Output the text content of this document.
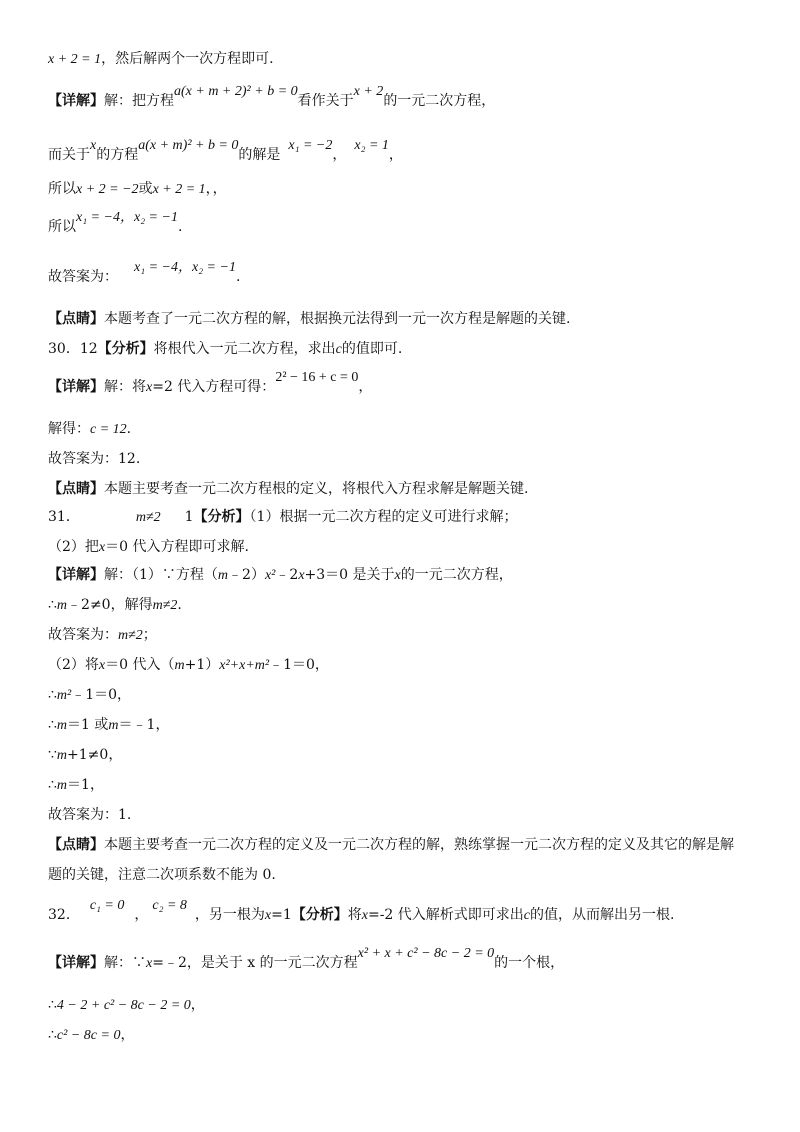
x + 2 = 1，然后解两个一次方程即可.
【详解】解：把方程a(x + m + 2)² + b = 0看作关于x + 2的一元二次方程，
而关于x的方程a(x + m)² + b = 0的解是x₁ = −2，x₂ = 1，
所以x + 2 = −2或x + 2 = 1，，
所以x₁ = −4，x₂ = −1.
故答案为：x₁ = −4，x₂ = −1.
【点睛】本题考查了一元二次方程的解，根据换元法得到一元一次方程是解题的关键.
30．12【分析】将根代入一元二次方程，求出c的值即可.
【详解】解：将x=2 代入方程可得：2² − 16 + c = 0，
解得：c = 12.
故答案为：12.
【点睛】本题主要考查一元二次方程根的定义，将根代入方程求解是解题关键.
31．	m≠2 1【分析】（1）根据一元二次方程的定义可进行求解；
（2）把x＝0 代入方程即可求解.
【详解】解：（1）∵方程（m﹣2）x²﹣2x+3＝0 是关于x的一元二次方程，
∴m﹣2≠0，解得m≠2.
故答案为：m≠2；
（2）将x＝0 代入（m+1）x²+x+m²﹣1＝0，
∴m²﹣1＝0，
∴m＝1 或m＝﹣1，
∵m+1≠0，
∴m＝1，
故答案为：1.
【点睛】本题主要考查一元二次方程的定义及一元二次方程的解，熟练掌握一元二次方程的定义及其它的解是解
题的关键，注意二次项系数不能为 0.
32．c₁ = 0，c₂ = 8，另一根为x=1【分析】将x=-2 代入解析式即可求出c的值，从而解出另一根.
【详解】解：∵x=﹣2，是关于 x 的一元二次方程x² + x + c² − 8c − 2 = 0的一个根，
∴4 − 2 + c² − 8c − 2 = 0，
∴c² − 8c = 0，
